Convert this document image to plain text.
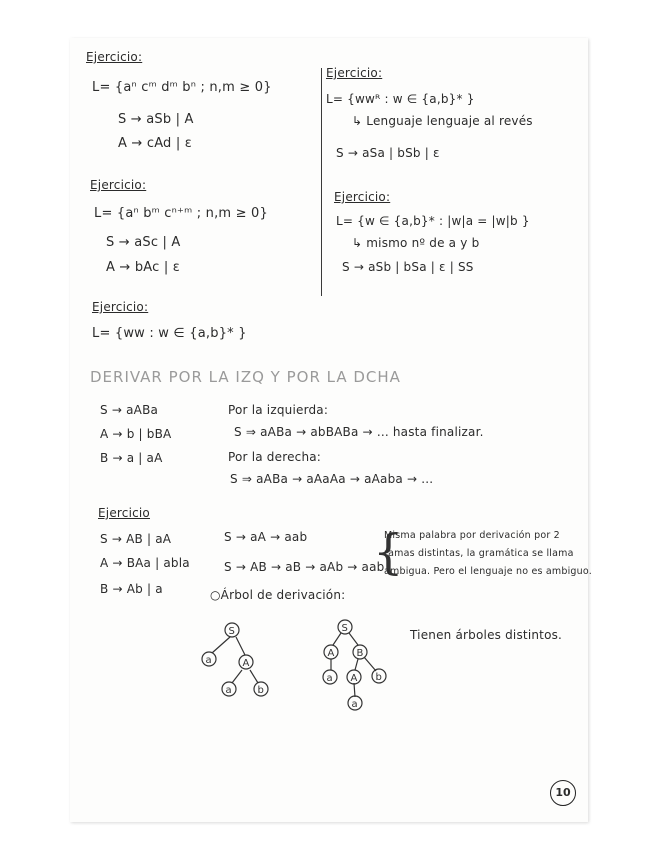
Ejercicio:
L= {aⁿ cᵐ dᵐ bⁿ ; n,m ≥ 0}
S → aSb | A
A → cAd | ε
Ejercicio:
L= {aⁿ bᵐ cⁿ⁺ᵐ ; n,m ≥ 0}
S → aSc | A
A → bAc | ε
Ejercicio:
L= {ww : w ∈ {a,b}* }
Ejercicio:
L= {wwᴿ : w ∈ {a,b}* }
↳ Lenguaje lenguaje al revés
S → aSa | bSb | ε
Ejercicio:
L= {w ∈ {a,b}* : |w|a = |w|b }
↳ mismo nº de a y b
S → aSb | bSa | ε | SS
DERIVAR POR LA IZQ Y POR LA DCHA
S → aABa
A → b | bBA
B → a | aA
Por la izquierda:
S ⇒ aABa → abBABa → ... hasta finalizar.
Por la derecha:
S ⇒ aABa → aAaAa → aAaba → ...
Ejercicio
S → AB | aA
A → BAa | abla
B → Ab | a
S → aA → aab
S → AB → aB → aAb → aab
{
Misma palabra por derivación por 2
ramas distintas, la gramática se llama
ambigua. Pero el lenguaje no es ambiguo.
○Árbol de derivación:
Tienen árboles distintos.
S
a	A
a	b
S
A B
a A b
a
10
